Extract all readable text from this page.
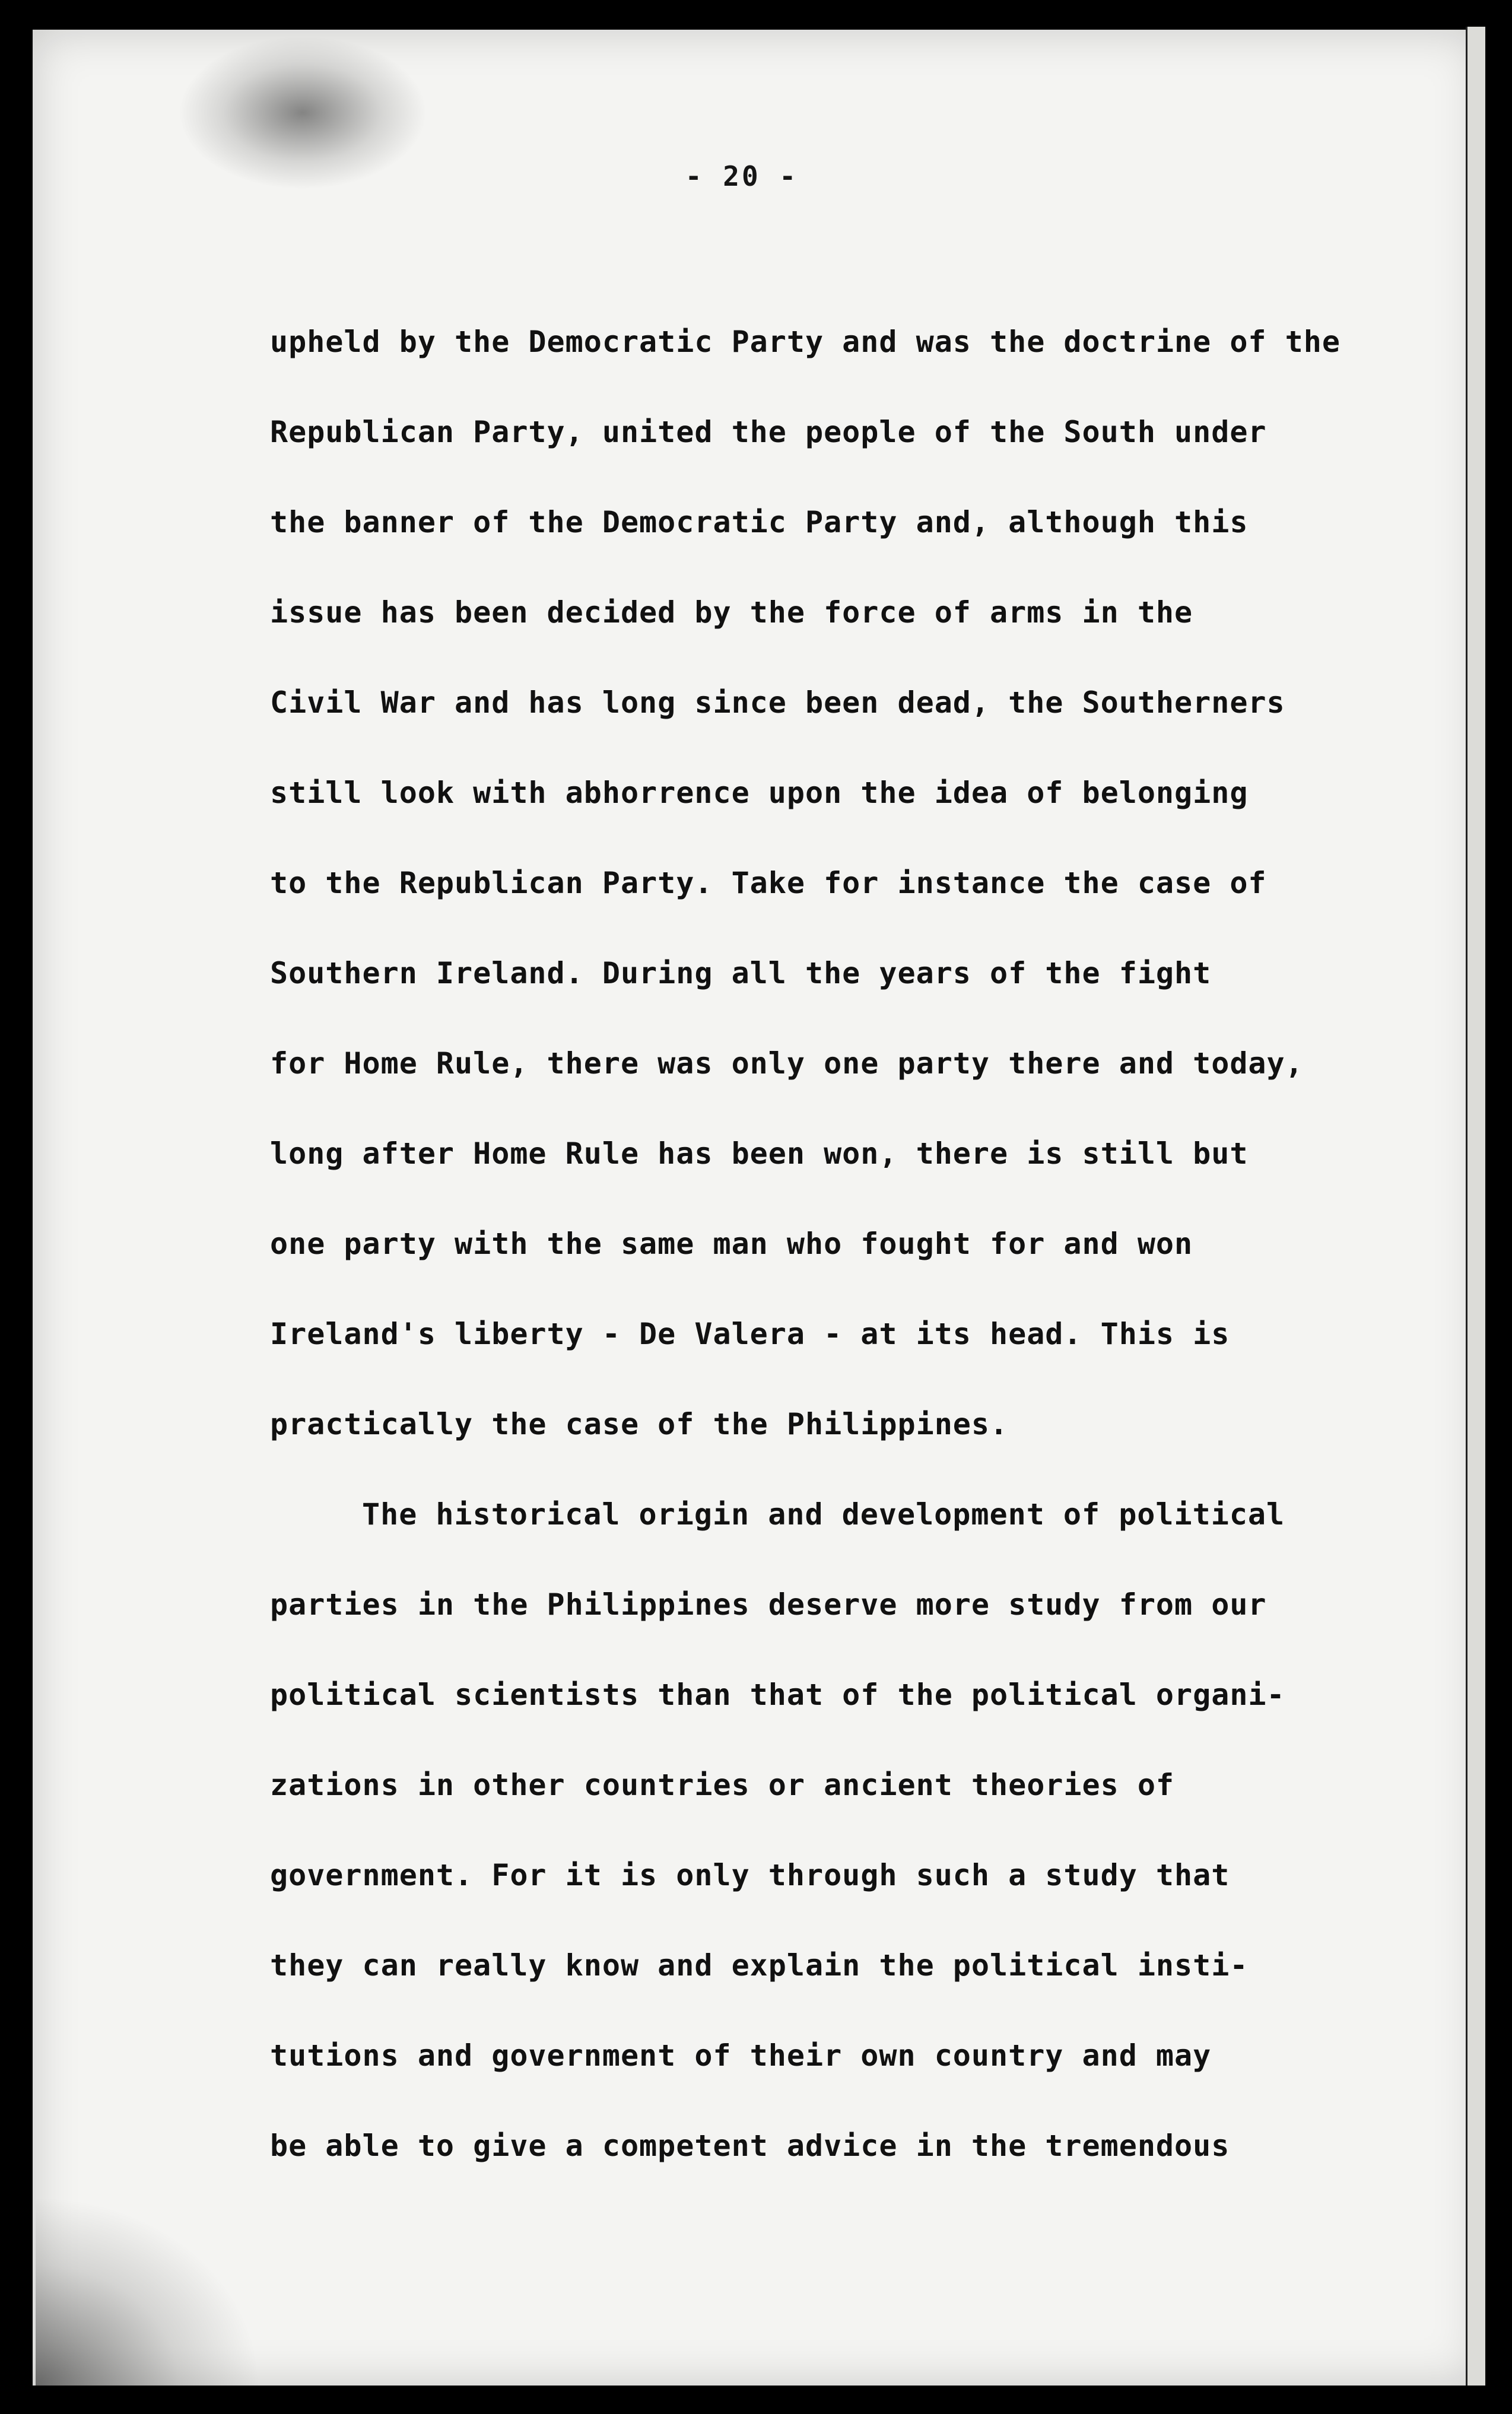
- 20 -
upheld by the Democratic Party and was the doctrine of the
Republican Party, united the people of the South under
the banner of the Democratic Party and, although this
issue has been decided by the force of arms in the
Civil War and has long since been dead, the Southerners
still look with abhorrence upon the idea of belonging
to the Republican Party. Take for instance the case of
Southern Ireland. During all the years of the fight
for Home Rule, there was only one party there and today,
long after Home Rule has been won, there is still but
one party with the same man who fought for and won
Ireland's liberty - De Valera - at its head. This is
practically the case of the Philippines.
The historical origin and development of political
parties in the Philippines deserve more study from our
political scientists than that of the political organi-
zations in other countries or ancient theories of
government. For it is only through such a study that
they can really know and explain the political insti-
tutions and government of their own country and may
be able to give a competent advice in the tremendous
